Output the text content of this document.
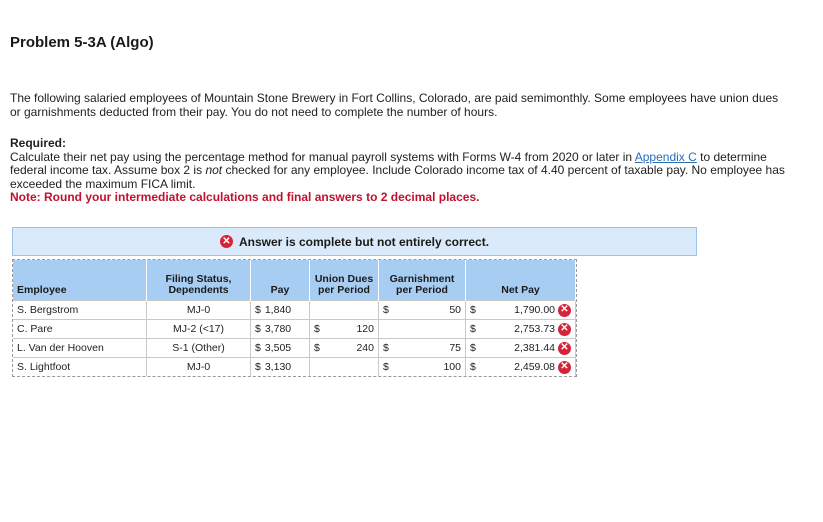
Problem 5-3A (Algo)
The following salaried employees of Mountain Stone Brewery in Fort Collins, Colorado, are paid semimonthly. Some employees have union dues or garnishments deducted from their pay. You do not need to complete the number of hours.
Required:
Calculate their net pay using the percentage method for manual payroll systems with Forms W-4 from 2020 or later in Appendix C to determine federal income tax. Assume box 2 is not checked for any employee. Include Colorado income tax of 4.40 percent of taxable pay. No employee has exceeded the maximum FICA limit.
Note: Round your intermediate calculations and final answers to 2 decimal places.
✕ Answer is complete but not entirely correct.
Employee	Filing Status, Dependents	Pay	Union Dues per Period	Garnishment per Period	Net Pay
S. Bergstrom	MJ-0	$ 1,840		$ 50	$ 1,790.00 ✕

C. Pare	MJ-2 (<17)	$ 3,780	$ 120		$ 2,753.73 ✕

L. Van der Hooven	S-1 (Other)	$ 3,505	$ 240	$ 75	$ 2,381.44 ✕

S. Lightfoot	MJ-0	$ 3,130		$ 100	$ 2,459.08 ✕
